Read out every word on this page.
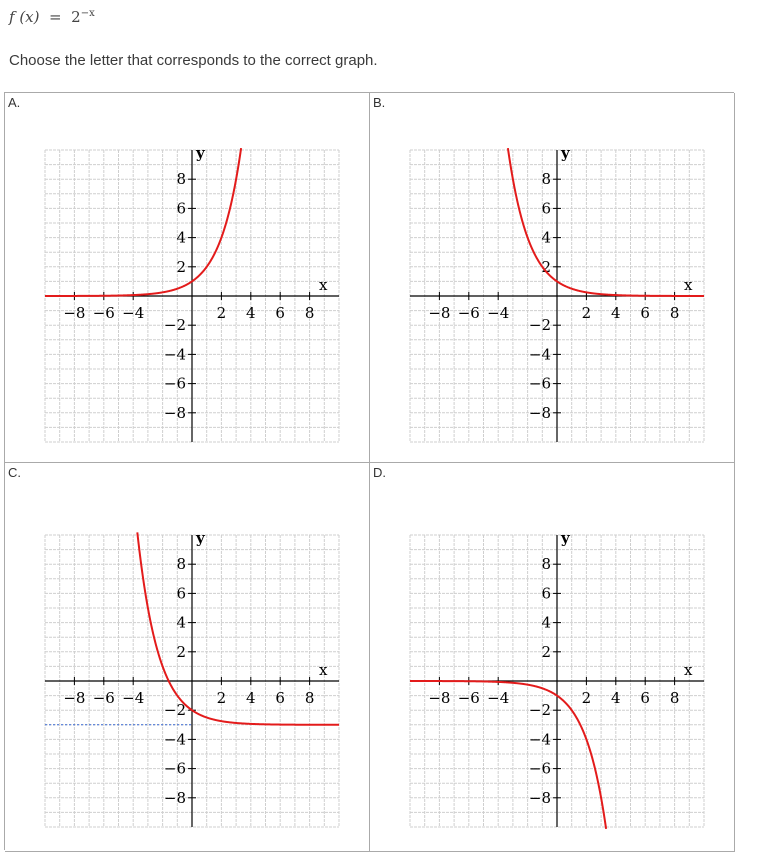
f $(x) = 2^{-x}$
Choose the letter that corresponds to the correct graph.
A.
x
y
−8 −6 −4	2 4 6 8
8
6
4
2
−2
−4
−6
−8
B.
x
y
−8 −6 −4	2 4 6 8
8
6
4
2
−2
−4
−6
−8
C.
x
y
−8 −6 −4	2 4 6 8
8
6
4
2
−2
−4
−6
−8
D.
x
y
−8 −6 −4	2 4 6 8
8
6
4
2
−2
−4
−6
−8
